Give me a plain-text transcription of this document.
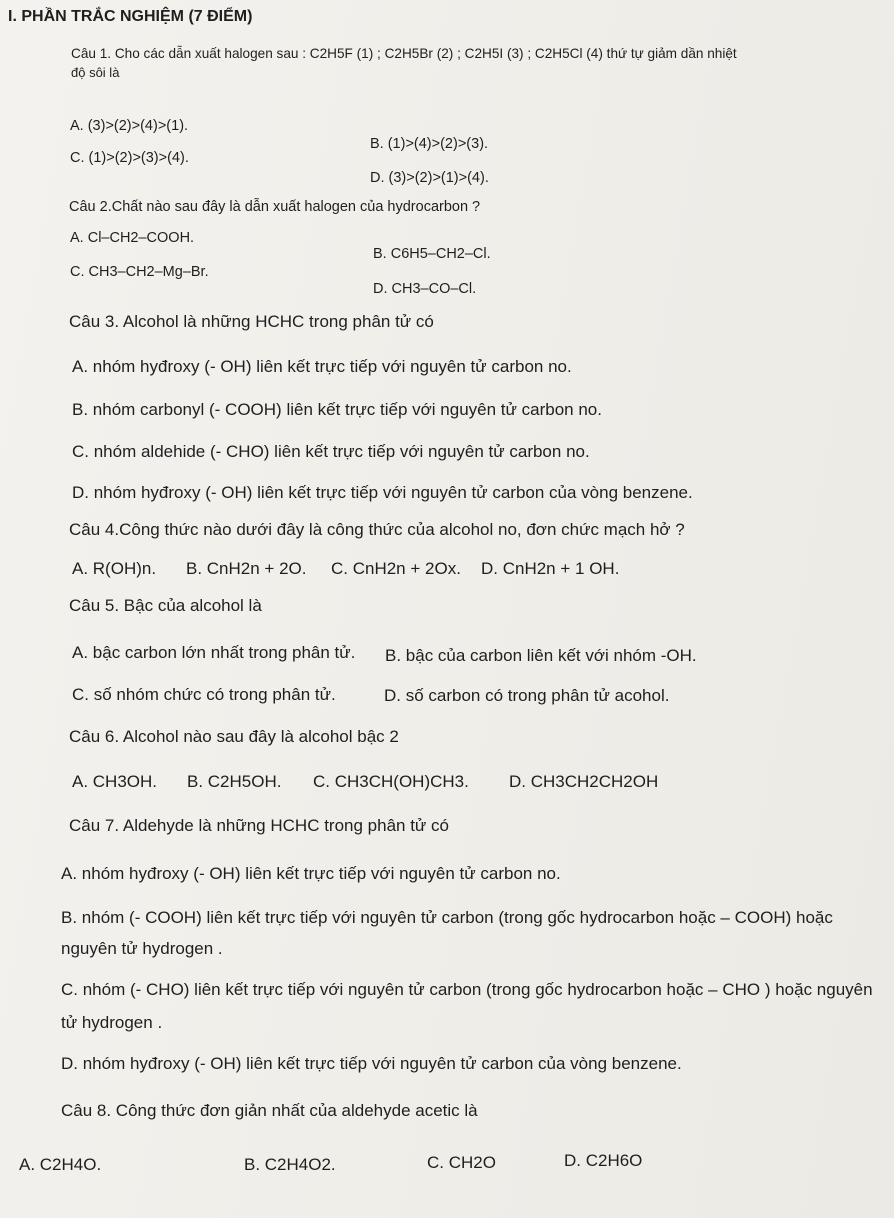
I. PHẦN TRẮC NGHIỆM (7 ĐIỂM)
Câu 1. Cho các dẫn xuất halogen sau : C2H5F (1) ; C2H5Br (2) ; C2H5I (3) ; C2H5Cl (4) thứ tự giảm dần nhiệt
độ sôi là
A. (3)>(2)>(4)>(1).
B. (1)>(4)>(2)>(3).
C. (1)>(2)>(3)>(4).
D. (3)>(2)>(1)>(4).
Câu 2.Chất nào sau đây là dẫn xuất halogen của hydrocarbon ?
A. Cl–CH2–COOH.
B. C6H5–CH2–Cl.
C. CH3–CH2–Mg–Br.
D. CH3–CO–Cl.
Câu 3. Alcohol là những HCHC trong phân tử có
A. nhóm hyđroxy (- OH) liên kết trực tiếp với nguyên tử carbon no.
B. nhóm carbonyl (- COOH) liên kết trực tiếp với nguyên tử carbon no.
C. nhóm aldehide (- CHO) liên kết trực tiếp với nguyên tử carbon no.
D. nhóm hyđroxy (- OH) liên kết trực tiếp với nguyên tử carbon của vòng benzene.
Câu 4.Công thức nào dưới đây là công thức của alcohol no, đơn chức mạch hở ?
A. R(OH)n. B. CnH2n + 2O. C. CnH2n + 2Ox. D. CnH2n + 1 OH.
Câu 5. Bậc của alcohol là
A. bậc carbon lớn nhất trong phân tử. B. bậc của carbon liên kết với nhóm -OH.
C. số nhóm chức có trong phân tử.	D. số carbon có trong phân tử acohol.
Câu 6. Alcohol nào sau đây là alcohol bậc 2
A. CH3OH. B. C2H5OH. C. CH3CH(OH)CH3. D. CH3CH2CH2OH
Câu 7. Aldehyde là những HCHC trong phân tử có
A. nhóm hyđroxy (- OH) liên kết trực tiếp với nguyên tử carbon no.
B. nhóm (- COOH) liên kết trực tiếp với nguyên tử carbon (trong gốc hydrocarbon hoặc – COOH) hoặc
nguyên tử hydrogen .
C. nhóm (- CHO) liên kết trực tiếp với nguyên tử carbon (trong gốc hydrocarbon hoặc – CHO ) hoặc nguyên
tử hydrogen .
D. nhóm hyđroxy (- OH) liên kết trực tiếp với nguyên tử carbon của vòng benzene.
Câu 8. Công thức đơn giản nhất của aldehyde acetic là
A. C2H4O.	B. C2H4O2.	C. CH2O	D. C2H6O
